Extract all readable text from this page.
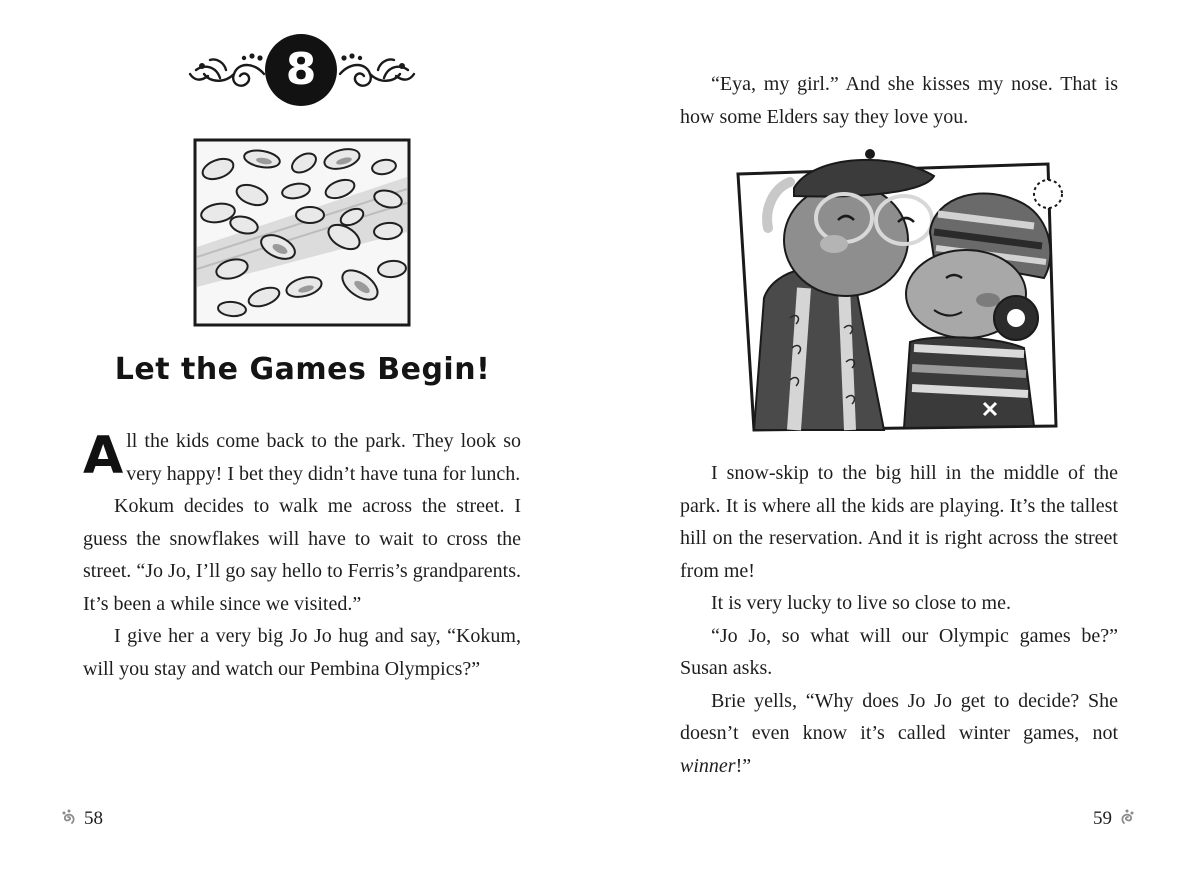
8
Let the Games Begin!

All the kids come back to the park. They look so very happy! I bet they didn’t have tuna for lunch.

Kokum decides to walk me across the street. I guess the snowflakes will have to wait to cross the street. “Jo Jo, I’ll go say hello to Ferris’s grandparents. It’s been a while since we visited.”

I give her a very big Jo Jo hug and say, “Kokum, will you stay and watch our Pembina Olympics?”

58

“Eya, my girl.” And she kisses my nose. That is how some Elders say they love you.

I snow-skip to the big hill in the middle of the park. It is where all the kids are playing. It’s the tallest hill on the reservation. And it is right across the street from me!

It is very lucky to live so close to me.

“Jo Jo, so what will our Olympic games be?” Susan asks.

Brie yells, “Why does Jo Jo get to decide? She doesn’t even know it’s called winter games, not winner!”

59
